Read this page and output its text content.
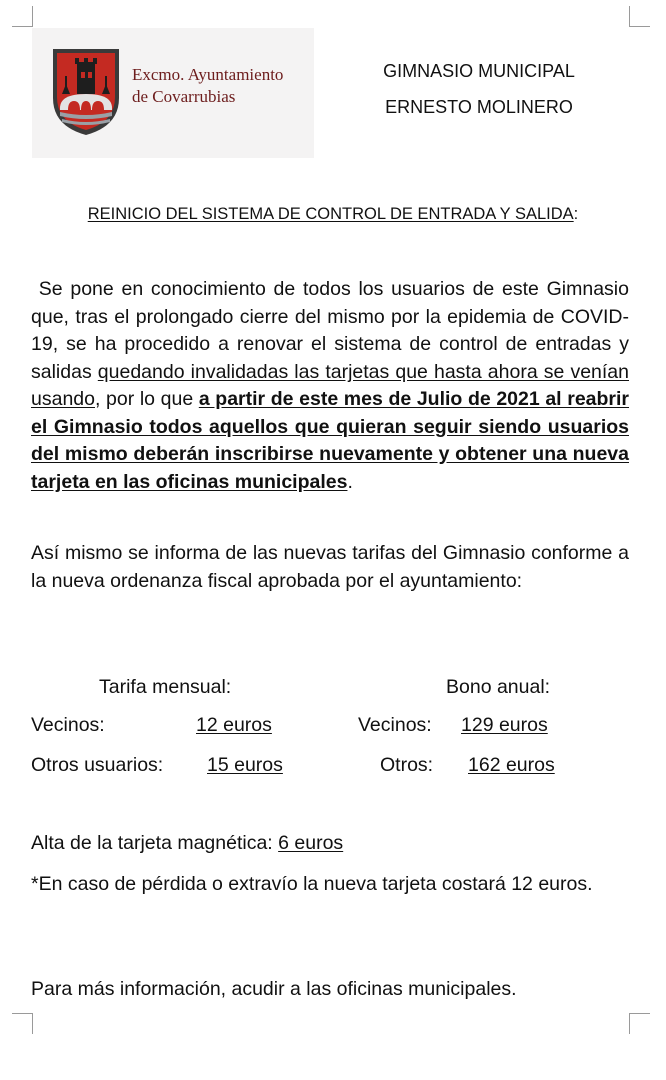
Excmo. Ayuntamiento
de Covarrubias
GIMNASIO MUNICIPAL
ERNESTO MOLINERO
REINICIO DEL SISTEMA DE CONTROL DE ENTRADA Y SALIDA:
Se pone en conocimiento de todos los usuarios de este Gimnasio que, tras el prolongado cierre del mismo por la epidemia de COVID-19, se ha procedido a renovar el sistema de control de entradas y salidas quedando invalidadas las tarjetas que hasta ahora se venían usando, por lo que a partir de este mes de Julio de 2021 al reabrir el Gimnasio todos aquellos que quieran seguir siendo usuarios del mismo deberán inscribirse nuevamente y obtener una nueva tarjeta en las oficinas municipales.
Así mismo se informa de las nuevas tarifas del Gimnasio conforme a la nueva ordenanza fiscal aprobada por el ayuntamiento:
Tarifa mensual:	Bono anual:
Vecinos:	12 euros	Vecinos: 129 euros
Otros usuarios: 15 euros	Otros: 162 euros
Alta de la tarjeta magnética: 6 euros
*En caso de pérdida o extravío la nueva tarjeta costará 12 euros.
Para más información, acudir a las oficinas municipales.
